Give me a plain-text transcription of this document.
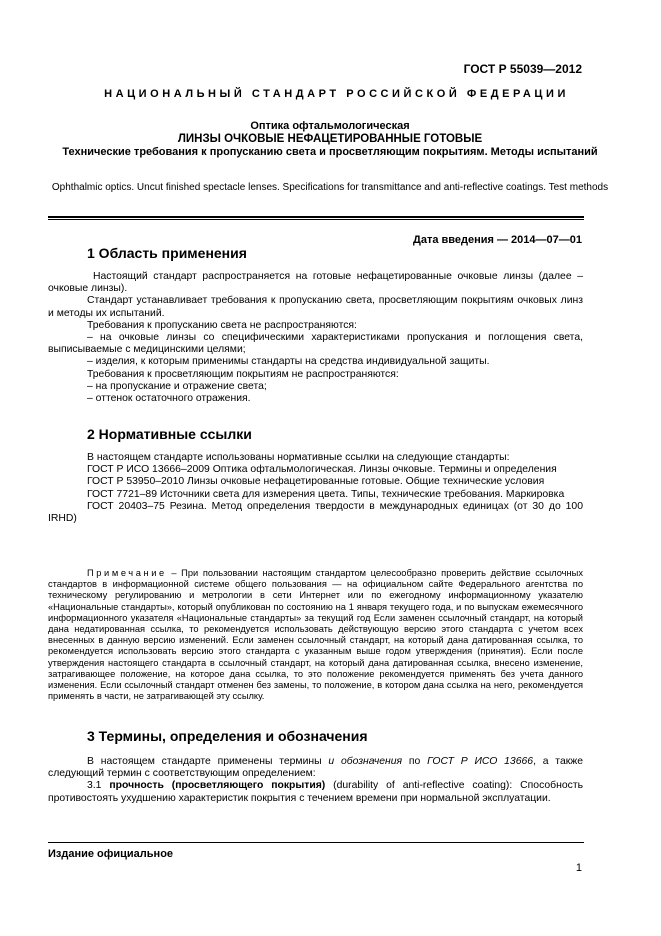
ГОСТ Р 55039—2012
НАЦИОНАЛЬНЫЙ СТАНДАРТ РОССИЙСКОЙ ФЕДЕРАЦИИ
Оптика офтальмологическая
ЛИНЗЫ ОЧКОВЫЕ НЕФАЦЕТИРОВАННЫЕ ГОТОВЫЕ
Технические требования к пропусканию света и просветляющим покрытиям. Методы испытаний
Ophthalmic optics. Uncut finished spectacle lenses. Specifications for transmittance and anti-reflective coatings. Test methods
Дата введения — 2014—07—01
1 Область применения

Настоящий стандарт распространяется на готовые нефацетированные очковые линзы (далее – очковые линзы).

Стандарт устанавливает требования к пропусканию света, просветляющим покрытиям очковых линз и методы их испытаний.

Требования к пропусканию света не распространяются:

– на очковые линзы со специфическими характеристиками пропускания и поглощения света, выписываемые с медицинскими целями;

– изделия, к которым применимы стандарты на средства индивидуальной защиты.

Требования к просветляющим покрытиям не распространяются:

– на пропускание и отражение света;

– оттенок остаточного отражения.

2 Нормативные ссылки

В настоящем стандарте использованы нормативные ссылки на следующие стандарты:

ГОСТ Р ИСО 13666–2009 Оптика офтальмологическая. Линзы очковые. Термины и определения

ГОСТ Р 53950–2010 Линзы очковые нефацетированные готовые. Общие технические условия

ГОСТ 7721–89 Источники света для измерения цвета. Типы, технические требования. Маркировка

ГОСТ 20403–75 Резина. Метод определения твердости в международных единицах (от 30 до 100 IRHD)

Примечание – При пользовании настоящим стандартом целесообразно проверить действие ссылочных стандартов в информационной системе общего пользования — на официальном сайте Федерального агентства по техническому регулированию и метрологии в сети Интернет или по ежегодному информационному указателю «Национальные стандарты», который опубликован по состоянию на 1 января текущего года, и по выпускам ежемесячного информационного указателя «Национальные стандарты» за текущий год Если заменен ссылочный стандарт, на который дана недатированная ссылка, то рекомендуется использовать действующую версию этого стандарта с учетом всех внесенных в данную версию изменений. Если заменен ссылочный стандарт, на который дана датированная ссылка, то рекомендуется использовать версию этого стандарта с указанным выше годом утверждения (принятия). Если после утверждения настоящего стандарта в ссылочный стандарт, на который дана датированная ссылка, внесено изменение, затрагивающее положение, на которое дана ссылка, то это положение рекомендуется применять без учета данного изменения. Если ссылочный стандарт отменен без замены, то положение, в котором дана ссылка на него, рекомендуется применять в части, не затрагивающей эту ссылку.

3 Термины, определения и обозначения

В настоящем стандарте применены термины и обозначения по ГОСТ Р ИСО 13666, а также следующий термин с соответствующим определением:

3.1 прочность (просветляющего покрытия) (durability of anti-reflective coating): Способность противостоять ухудшению характеристик покрытия с течением времени при нормальной эксплуатации.

Издание официальное
1
